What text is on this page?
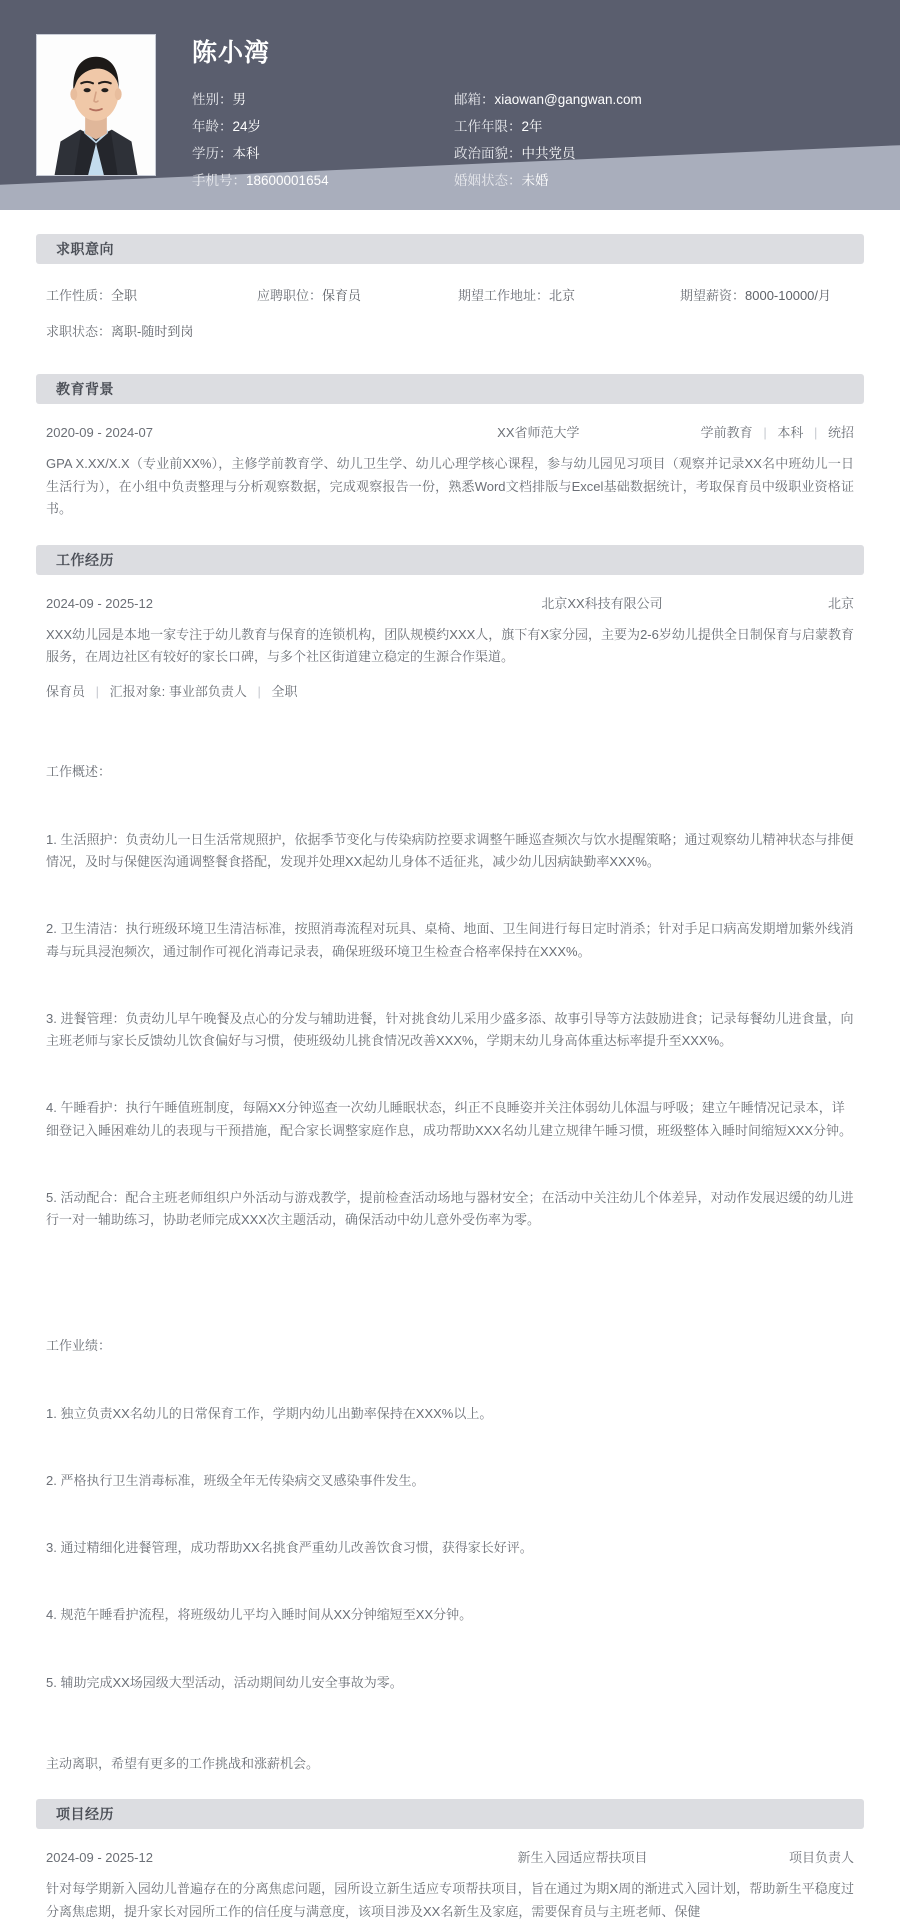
陈小湾
性别：男	邮箱：xiaowan@gangwan.com
年龄：24岁	工作年限：2年
学历：本科	政治面貌：中共党员
手机号：18600001654	婚姻状态：未婚
求职意向
工作性质：全职	应聘职位：保育员	期望工作地址：北京	期望薪资：8000-10000/月
求职状态：离职-随时到岗
教育背景
2020-09 - 2024-07	XX省师范大学	学前教育 | 本科 | 统招
GPA X.XX/X.X（专业前XX%），主修学前教育学、幼儿卫生学、幼儿心理学核心课程，参与幼儿园见习项目（观察并记录XX名中班幼儿一日生活行为），在小组中负责整理与分析观察数据，完成观察报告一份，熟悉Word文档排版与Excel基础数据统计，考取保育员中级职业资格证书。
工作经历
2024-09 - 2025-12	北京XX科技有限公司	北京
XXX幼儿园是本地一家专注于幼儿教育与保育的连锁机构，团队规模约XXX人，旗下有X家分园，主要为2-6岁幼儿提供全日制保育与启蒙教育服务，在周边社区有较好的家长口碑，与多个社区街道建立稳定的生源合作渠道。
保育员 | 汇报对象: 事业部负责人 | 全职

工作概述：

1. 生活照护：负责幼儿一日生活常规照护，依据季节变化与传染病防控要求调整午睡巡查频次与饮水提醒策略；通过观察幼儿精神状态与排便情况，及时与保健医沟通调整餐食搭配，发现并处理XX起幼儿身体不适征兆，减少幼儿因病缺勤率XXX%。

2. 卫生清洁：执行班级环境卫生清洁标准，按照消毒流程对玩具、桌椅、地面、卫生间进行每日定时消杀；针对手足口病高发期增加紫外线消毒与玩具浸泡频次，通过制作可视化消毒记录表，确保班级环境卫生检查合格率保持在XXX%。

3. 进餐管理：负责幼儿早午晚餐及点心的分发与辅助进餐，针对挑食幼儿采用少盛多添、故事引导等方法鼓励进食；记录每餐幼儿进食量，向主班老师与家长反馈幼儿饮食偏好与习惯，使班级幼儿挑食情况改善XXX%，学期末幼儿身高体重达标率提升至XXX%。

4. 午睡看护：执行午睡值班制度，每隔XX分钟巡查一次幼儿睡眠状态，纠正不良睡姿并关注体弱幼儿体温与呼吸；建立午睡情况记录本，详细登记入睡困难幼儿的表现与干预措施，配合家长调整家庭作息，成功帮助XXX名幼儿建立规律午睡习惯，班级整体入睡时间缩短XXX分钟。

5. 活动配合：配合主班老师组织户外活动与游戏教学，提前检查活动场地与器材安全；在活动中关注幼儿个体差异，对动作发展迟缓的幼儿进行一对一辅助练习，协助老师完成XXX次主题活动，确保活动中幼儿意外受伤率为零。

工作业绩：

1. 独立负责XX名幼儿的日常保育工作，学期内幼儿出勤率保持在XXX%以上。

2. 严格执行卫生消毒标准，班级全年无传染病交叉感染事件发生。

3. 通过精细化进餐管理，成功帮助XX名挑食严重幼儿改善饮食习惯，获得家长好评。

4. 规范午睡看护流程，将班级幼儿平均入睡时间从XX分钟缩短至XX分钟。

5. 辅助完成XX场园级大型活动，活动期间幼儿安全事故为零。

主动离职，希望有更多的工作挑战和涨薪机会。
项目经历
2024-09 - 2025-12	新生入园适应帮扶项目	项目负责人
针对每学期新入园幼儿普遍存在的分离焦虑问题，园所设立新生适应专项帮扶项目，旨在通过为期X周的渐进式入园计划，帮助新生平稳度过分离焦虑期，提升家长对园所工作的信任度与满意度，该项目涉及XX名新生及家庭，需要保育员与主班老师、保健
